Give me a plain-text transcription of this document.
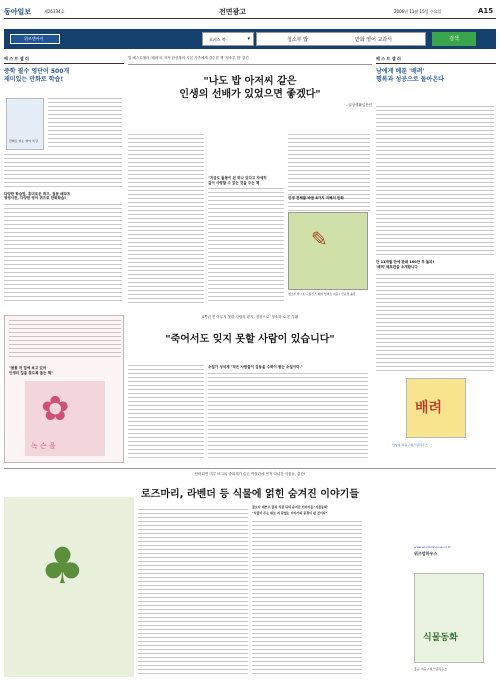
동아일보	제26334호	전면광고	2006년 11월 15일 수요일	A15
위즈앤아이	포커스 북	▾	청소부 밥	만화 영어 교과서	검색
베 스 트 셀 러
중학 필수 영단어 500개
재미있는 만화로 학습!
만화로 읽는 영어 특강
다양한 학습법, 흥미로운 퀴즈, 질문 매라프
영영사전, 다양한 영어 퀴즈로 만화학습!
밥 베스트셀러 '배려'의 저자 한상복의 지친 가족에게 감수한 책 '청소부 밥' 출간
"나도 밥 아저씨 같은
인생의 선배가 있었으면 좋겠다"
- 일상생활입문인
"지금도 돌봄이 된 하나 있다고 자세히
깊이 사랑할 수 있는 것을 주는 책
✎
인생 전체를 바꿀 8가지 지혜의 만화
청소부 밥 / 토드 홉킨스·레이 힐버트 지음 / 신윤경 옮김
베 스 트 셀 러
남에게 베푼 '배려'
행복과 성공으로 돌아온다
단 11개월 만에 판매 100만 부 돌파!
'배려' 배포판을 소개합니다
배려
한상복 지음 / 위즈덤하우스
4쪽년 전 아무지 못한 사랑의 편지, 정찬으로 '청소화'로 본 부활
"죽어서도 잊지 못할 사람이 있습니다"
소설가 성석제 "작은 사람들이 감동을 수북이 쌓는 소설이다."
"봄꽃 저 집에 보고 있어
인생의 길을 찾도록 돕는 책"
✿
녹 슨 을
단어되면 미루 버그의 중화재가 슬픈 박물관에 먼저 다녀간 식물들, 출간!
로즈마리, 라벤더 등 식물에 얽힌 숨겨진 이야기들
♣
꽃보다 예쁘고 꽃과 식물 뒤의 숨겨진 이야기들 '식물동화'
"식물이 주는 위로 저 끝없는 이야기와 풍경이 될 것이다"
식물동화
홍규 지음 / 위즈덤하우스
www.wisdomhouse.co.kr
위즈덤하우스
